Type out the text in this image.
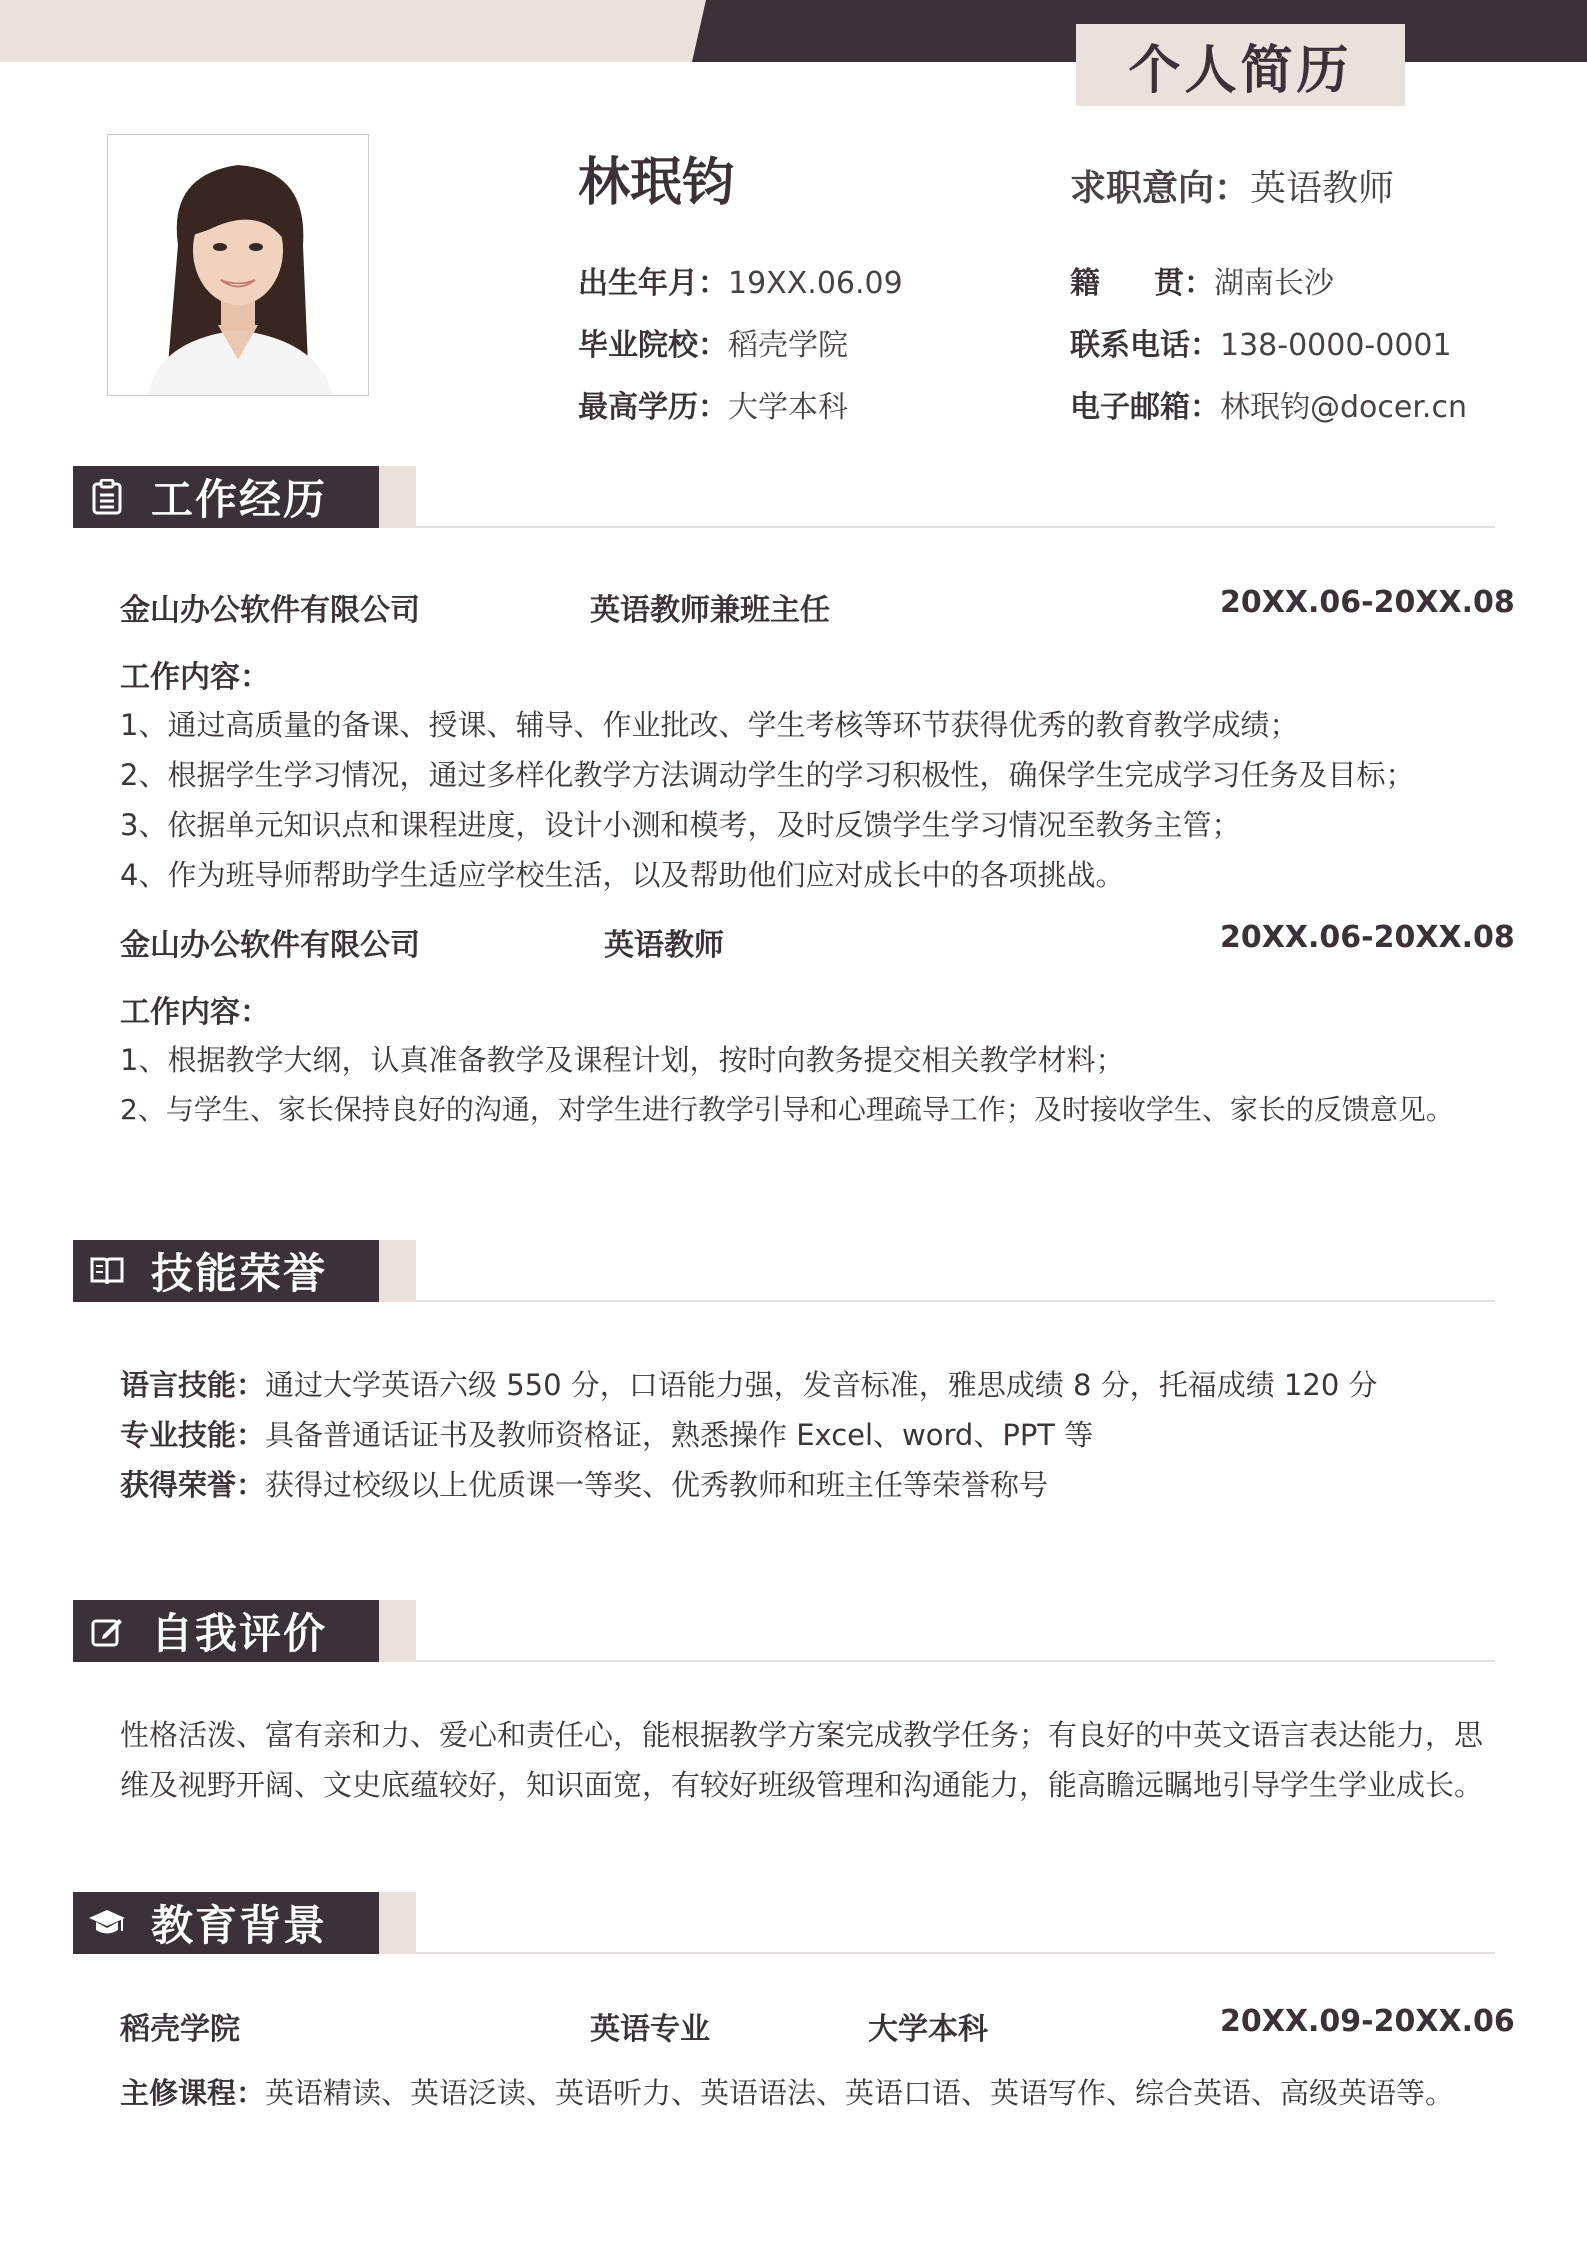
个人简历
林珉钧	求职意向：英语教师
出生年月：19XX.06.09	籍 贯：湖南长沙
毕业院校：稻壳学院	联系电话：138-0000-0001
最高学历：大学本科	电子邮箱：林珉钧@docer.cn
工作经历
金山办公软件有限公司	英语教师兼班主任	20XX.06-20XX.08
工作内容：
1、通过高质量的备课、授课、辅导、作业批改、学生考核等环节获得优秀的教育教学成绩；
2、根据学生学习情况，通过多样化教学方法调动学生的学习积极性，确保学生完成学习任务及目标；
3、依据单元知识点和课程进度，设计小测和模考，及时反馈学生学习情况至教务主管；
4、作为班导师帮助学生适应学校生活，以及帮助他们应对成长中的各项挑战。
金山办公软件有限公司	英语教师	20XX.06-20XX.08
工作内容：
1、根据教学大纲，认真准备教学及课程计划，按时向教务提交相关教学材料；
2、与学生、家长保持良好的沟通，对学生进行教学引导和心理疏导工作；及时接收学生、家长的反馈意见。
技能荣誉
语言技能：通过大学英语六级 550 分，口语能力强，发音标准，雅思成绩 8 分，托福成绩 120 分
专业技能：具备普通话证书及教师资格证，熟悉操作 Excel、word、PPT 等
获得荣誉：获得过校级以上优质课一等奖、优秀教师和班主任等荣誉称号
自我评价
性格活泼、富有亲和力、爱心和责任心，能根据教学方案完成教学任务；有良好的中英文语言表达能力，思
维及视野开阔、文史底蕴较好，知识面宽，有较好班级管理和沟通能力，能高瞻远瞩地引导学生学业成长。
教育背景
稻壳学院	英语专业	大学本科	20XX.09-20XX.06
主修课程：英语精读、英语泛读、英语听力、英语语法、英语口语、英语写作、综合英语、高级英语等。
